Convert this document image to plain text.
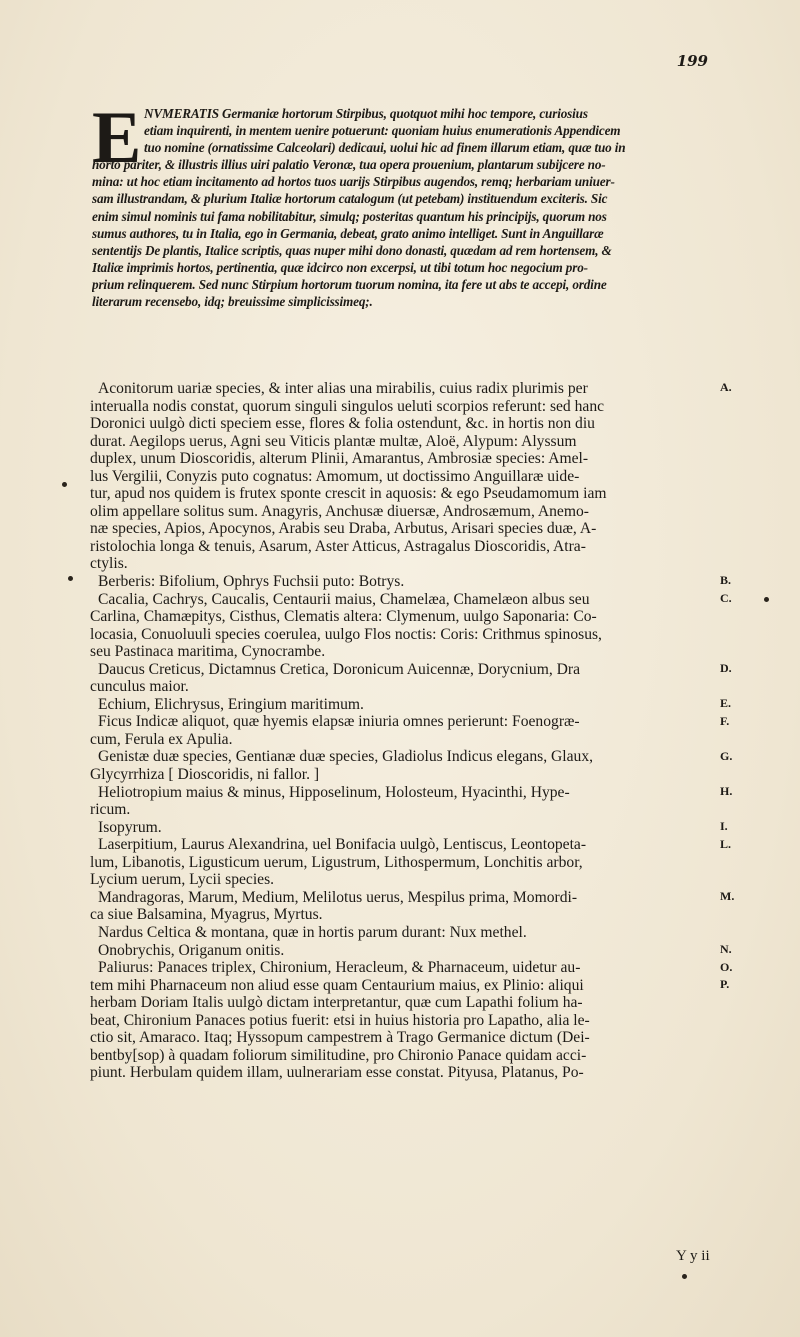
199
E NVMERATIS Germaniæ hortorum Stirpibus, quotquot mihi hoc tempore, curiosius
etiam inquirenti, in mentem uenire potuerunt: quoniam huius enumerationis Appendicem
tuo nomine (ornatissime Calceolari) dedicaui, uolui hic ad finem illarum etiam, quæ tuo in
horto pariter, & illustris illius uiri palatio Veronæ, tua opera prouenium, plantarum subijcere no-
mina: ut hoc etiam incitamento ad hortos tuos uarijs Stirpibus augendos, remq; herbariam uniuer-
sam illustrandam, & plurium Italiæ hortorum catalogum (ut petebam) instituendum exciteris. Sic
enim simul nominis tui fama nobilitabitur, simulq; posteritas quantum his principijs, quorum nos
sumus authores, tu in Italia, ego in Germania, debeat, grato animo intelliget. Sunt in Anguillaræ
sententijs De plantis, Italice scriptis, quas nuper mihi dono donasti, quædam ad rem hortensem, &
Italiæ imprimis hortos, pertinentia, quæ idcirco non excerpsi, ut tibi totum hoc negocium pro-
prium relinquerem. Sed nunc Stirpium hortorum tuorum nomina, ita fere ut abs te accepi, ordine
literarum recensebo, idq; breuissime simplicissimeq;.
Aconitorum uariæ species, & inter alias una mirabilis, cuius radix plurimis per
interualla nodis constat, quorum singuli singulos ueluti scorpios referunt: sed hanc
Doronici uulgò dicti speciem esse, flores & folia ostendunt, &c. in hortis non diu
durat. Aegilops uerus, Agni seu Viticis plantæ multæ, Aloë, Alypum: Alyssum
duplex, unum Dioscoridis, alterum Plinii, Amarantus, Ambrosiæ species: Amel-
lus Vergilii, Conyzis puto cognatus: Amomum, ut doctissimo Anguillaræ uide-
tur, apud nos quidem is frutex sponte crescit in aquosis: & ego Pseudamomum iam
olim appellare solitus sum. Anagyris, Anchusæ diuersæ, Androsæmum, Anemo-
næ species, Apios, Apocynos, Arabis seu Draba, Arbutus, Arisari species duæ, A-
ristolochia longa & tenuis, Asarum, Aster Atticus, Astragalus Dioscoridis, Atra-
ctylis.
Berberis: Bifolium, Ophrys Fuchsii puto: Botrys.
Cacalia, Cachrys, Caucalis, Centaurii maius, Chamelæa, Chamelæon albus seu
Carlina, Chamæpitys, Cisthus, Clematis altera: Clymenum, uulgo Saponaria: Co-
locasia, Conuoluuli species coerulea, uulgo Flos noctis: Coris: Crithmus spinosus,
seu Pastinaca maritima, Cynocrambe.
Daucus Creticus, Dictamnus Cretica, Doronicum Auicennæ, Dorycnium, Dra
cunculus maior.
Echium, Elichrysus, Eringium maritimum.
Ficus Indicæ aliquot, quæ hyemis elapsæ iniuria omnes perierunt: Foenogræ-
cum, Ferula ex Apulia.
Genistæ duæ species, Gentianæ duæ species, Gladiolus Indicus elegans, Glaux,
Glycyrrhiza [ Dioscoridis, ni fallor. ]
Heliotropium maius & minus, Hipposelinum, Holosteum, Hyacinthi, Hype-
ricum.
Isopyrum.
Laserpitium, Laurus Alexandrina, uel Bonifacia uulgò, Lentiscus, Leontopeta-
lum, Libanotis, Ligusticum uerum, Ligustrum, Lithospermum, Lonchitis arbor,
Lycium uerum, Lycii species.
Mandragoras, Marum, Medium, Melilotus uerus, Mespilus prima, Momordi-
ca siue Balsamina, Myagrus, Myrtus.
Nardus Celtica & montana, quæ in hortis parum durant: Nux methel.
Onobrychis, Origanum onitis.
Paliurus: Panaces triplex, Chironium, Heracleum, & Pharnaceum, uidetur au-
tem mihi Pharnaceum non aliud esse quam Centaurium maius, ex Plinio: aliqui
herbam Doriam Italis uulgò dictam interpretantur, quæ cum Lapathi folium ha-
beat, Chironium Panaces potius fuerit: etsi in huius historia pro Lapatho, alia le-
ctio sit, Amaraco. Itaq; Hyssopum campestrem à Trago Germanice dictum (Dei-
bentby[sop) à quadam foliorum similitudine, pro Chironio Panace quidam acci-
piunt. Herbulam quidem illam, uulnerariam esse constat. Pityusa, Platanus, Po-
A.
B.
C.
D.
E.
F.
G.
H.
I.
L.
M.
N.
O.
P.
Y y ii
